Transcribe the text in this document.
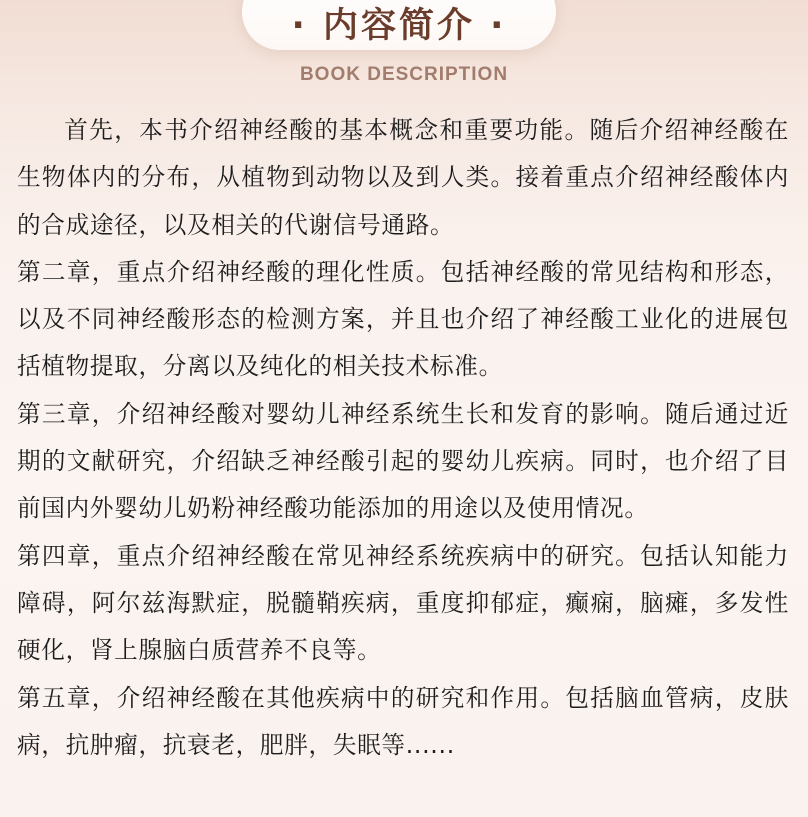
· 内容简介 ·
BOOK DESCRIPTION

首先，本书介绍神经酸的基本概念和重要功能。随后介绍神经酸在生物体内的分布，从植物到动物以及到人类。接着重点介绍神经酸体内的合成途径，以及相关的代谢信号通路。

第二章，重点介绍神经酸的理化性质。包括神经酸的常见结构和形态，以及不同神经酸形态的检测方案，并且也介绍了神经酸工业化的进展包括植物提取，分离以及纯化的相关技术标准。

第三章，介绍神经酸对婴幼儿神经系统生长和发育的影响。随后通过近期的文献研究，介绍缺乏神经酸引起的婴幼儿疾病。同时，也介绍了目前国内外婴幼儿奶粉神经酸功能添加的用途以及使用情况。

第四章，重点介绍神经酸在常见神经系统疾病中的研究。包括认知能力障碍，阿尔兹海默症，脱髓鞘疾病，重度抑郁症，癫痫，脑瘫，多发性硬化，肾上腺脑白质营养不良等。

第五章，介绍神经酸在其他疾病中的研究和作用。包括脑血管病，皮肤病，抗肿瘤，抗衰老，肥胖，失眠等......
